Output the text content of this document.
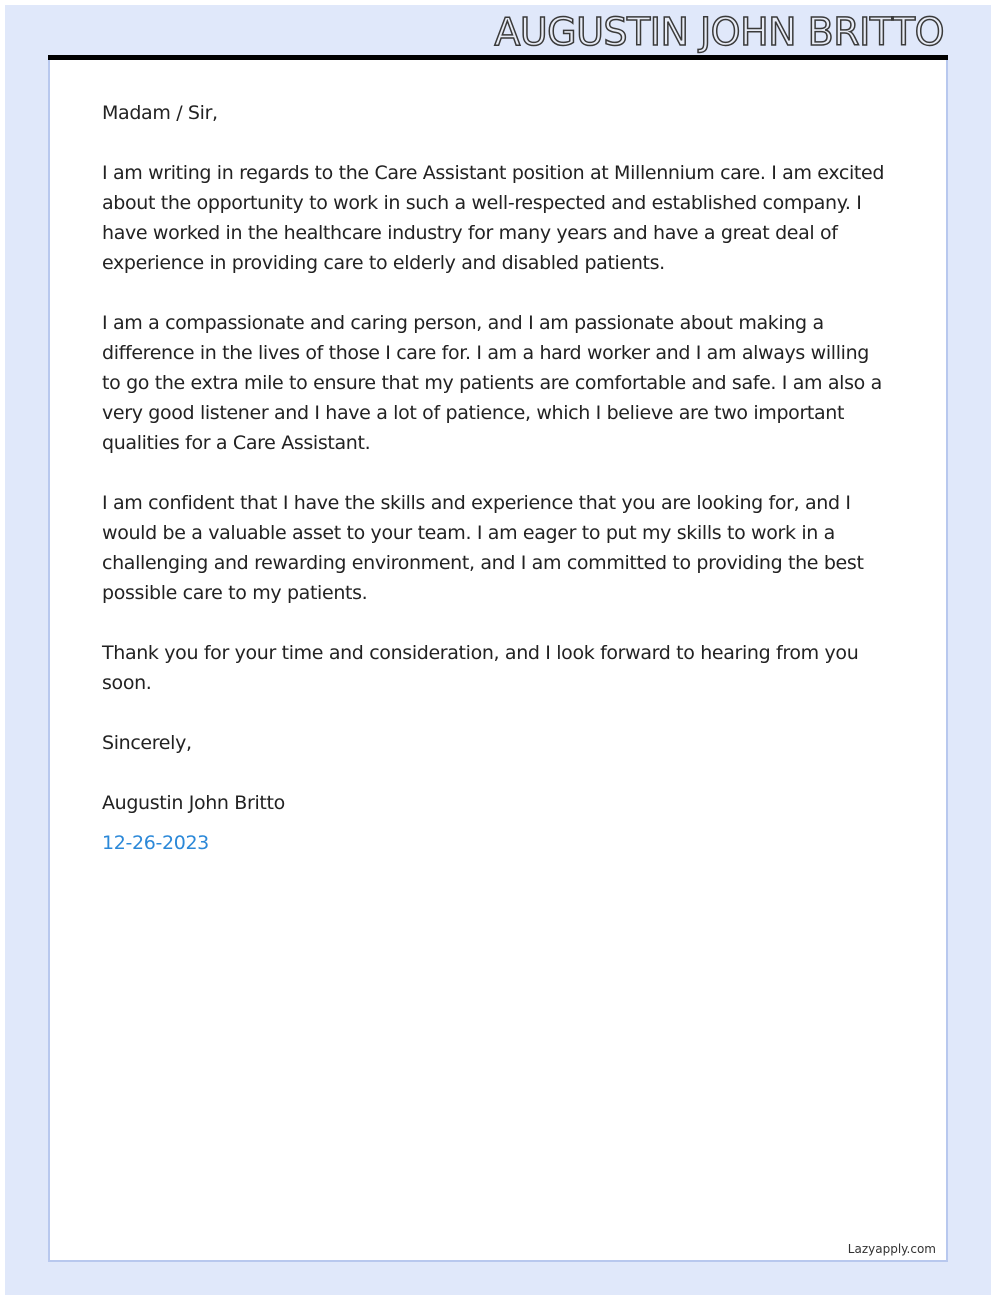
AUGUSTIN JOHN BRITTO

Madam / Sir,

I am writing in regards to the Care Assistant position at Millennium care. I am excited about the opportunity to work in such a well-respected and established company. I have worked in the healthcare industry for many years and have a great deal of experience in providing care to elderly and disabled patients.

I am a compassionate and caring person, and I am passionate about making a difference in the lives of those I care for. I am a hard worker and I am always willing to go the extra mile to ensure that my patients are comfortable and safe. I am also a very good listener and I have a lot of patience, which I believe are two important qualities for a Care Assistant.

I am confident that I have the skills and experience that you are looking for, and I would be a valuable asset to your team. I am eager to put my skills to work in a challenging and rewarding environment, and I am committed to providing the best possible care to my patients.

Thank you for your time and consideration, and I look forward to hearing from you soon.

Sincerely,

Augustin John Britto

12-26-2023

Lazyapply.com
